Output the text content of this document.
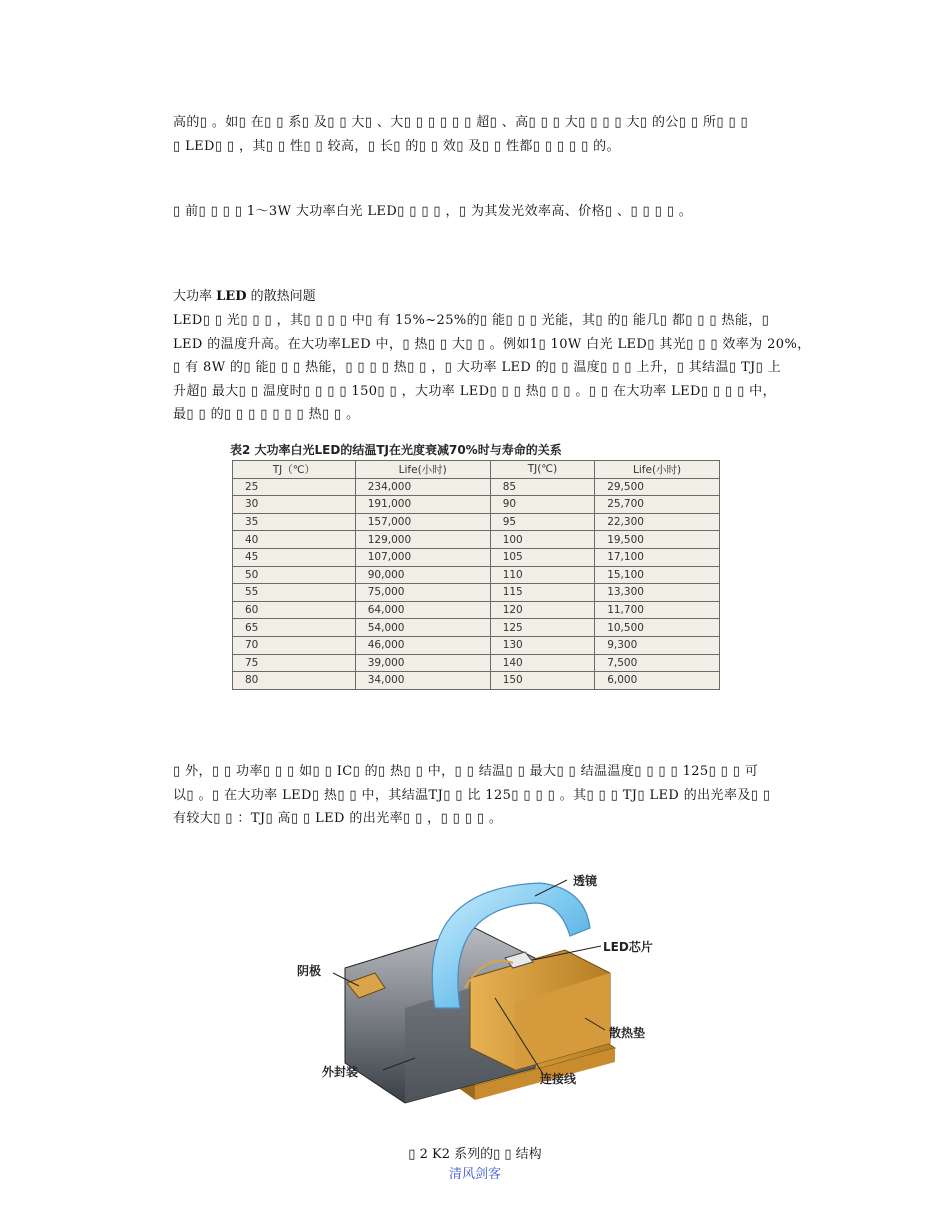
高的▯ 。如▯ 在▯ ▯ 系▯ 及▯ ▯ 大▯ 、大▯ ▯ ▯ ▯ ▯ ▯ 超▯ 、高▯ ▯ ▯ 大▯ ▯ ▯ ▯ 大▯ 的公▯ ▯ 所▯ ▯ ▯
▯ LED▯ ▯ ，其▯ ▯ 性▯ ▯ 较高，▯ 长▯ 的▯ ▯ 效▯ 及▯ ▯ 性都▯ ▯ ▯ ▯ ▯ 的。
▯ 前▯ ▯ ▯ ▯ 1～3W 大功率白光 LED▯ ▯ ▯ ▯ ，▯ 为其发光效率高、价格▯ 、▯ ▯ ▯ ▯ 。
大功率 LED 的散热问题
LED▯ ▯ 光▯ ▯ ▯ ，其▯ ▯ ▯ ▯ 中▯ 有 15%~25%的▯ 能▯ ▯ ▯ 光能，其▯ 的▯ 能几▯ 都▯ ▯ ▯ 热能，▯
LED 的温度升高。在大功率LED 中，▯ 热▯ ▯ 大▯ ▯ 。例如1▯ 10W 白光 LED▯ 其光▯ ▯ ▯ 效率为 20%，
▯ 有 8W 的▯ 能▯ ▯ ▯ 热能，▯ ▯ ▯ ▯ 热▯ ▯ ，▯ 大功率 LED 的▯ ▯ 温度▯ ▯ ▯ 上升，▯ 其结温▯ TJ▯ 上
升超▯ 最大▯ ▯ 温度时▯ ▯ ▯ ▯ 150▯ ▯ ，大功率 LED▯ ▯ ▯ 热▯ ▯ ▯ 。▯ ▯ 在大功率 LED▯ ▯ ▯ ▯ 中，
最▯ ▯ 的▯ ▯ ▯ ▯ ▯ ▯ ▯ 热▯ ▯ 。
表2 大功率白光LED的结温TJ在光度衰减70%时与寿命的关系
TJ（℃）	Life(小时)	TJ(℃)	Life(小时)
25	234,000	85	29,500
30	191,000	90	25,700
35	157,000	95	22,300
40	129,000	100	19,500
45	107,000	105	17,100
50	90,000	110	15,100
55	75,000	115	13,300
60	64,000	120	11,700
65	54,000	125	10,500
70	46,000	130	9,300
75	39,000	140	7,500
80	34,000	150	6,000
▯ 外，▯ ▯ 功率▯ ▯ ▯ 如▯ ▯ IC▯ 的▯ 热▯ ▯ 中，▯ ▯ 结温▯ ▯ 最大▯ ▯ 结温温度▯ ▯ ▯ ▯ 125▯ ▯ ▯ 可
以▯ 。▯ 在大功率 LED▯ 热▯ ▯ 中，其结温TJ▯ ▯ 比 125▯ ▯ ▯ ▯ 。其▯ ▯ ▯ TJ▯ LED 的出光率及▯ ▯
有较大▯ ▯ ：TJ▯ 高▯ ▯ LED 的出光率▯ ▯ ，▯ ▯ ▯ ▯ 。
透镜
LED芯片
阴极
散热垫
外封装	连接线
▯ 2 K2 系列的▯ ▯ 结构
清风剑客
